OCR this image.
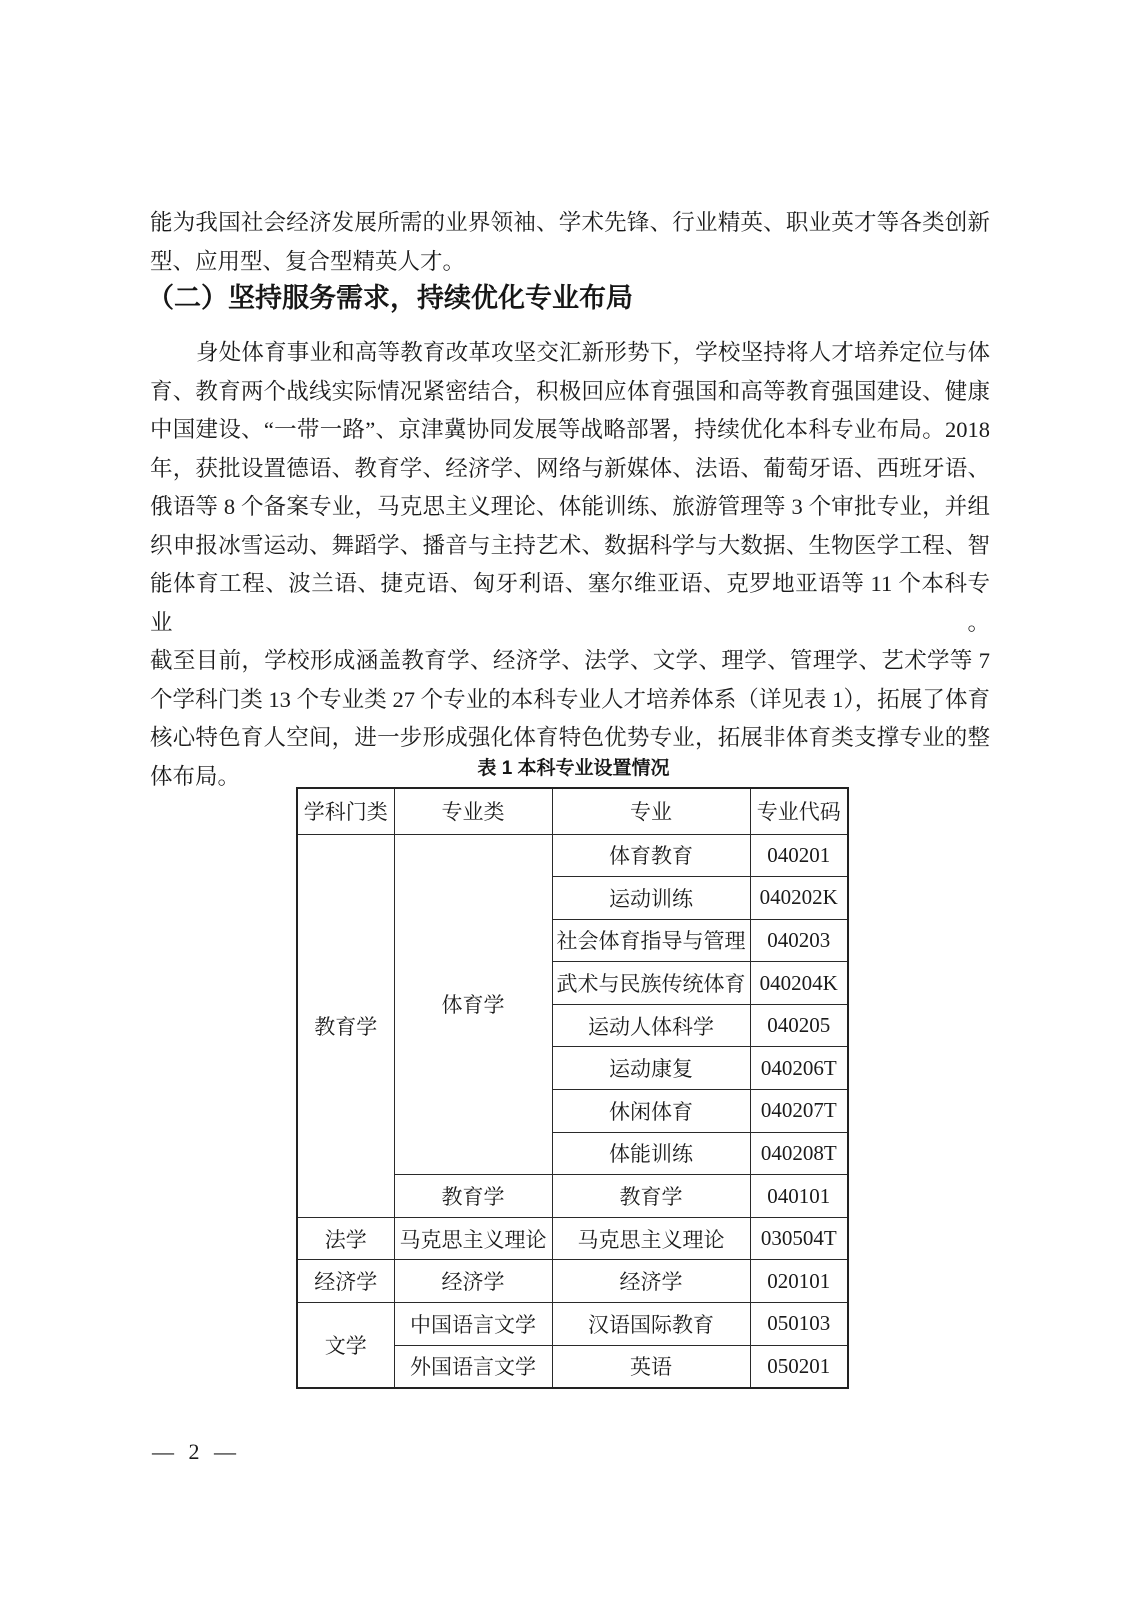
能为我国社会经济发展所需的业界领袖、学术先锋、行业精英、职业英才等各类创新
型、应用型、复合型精英人才。
（二）坚持服务需求，持续优化专业布局
身处体育事业和高等教育改革攻坚交汇新形势下，学校坚持将人才培养定位与体
育、教育两个战线实际情况紧密结合，积极回应体育强国和高等教育强国建设、健康
中国建设、“一带一路”、京津冀协同发展等战略部署，持续优化本科专业布局。2018
年，获批设置德语、教育学、经济学、网络与新媒体、法语、葡萄牙语、西班牙语、
俄语等 8 个备案专业，马克思主义理论、体能训练、旅游管理等 3 个审批专业，并组
织申报冰雪运动、舞蹈学、播音与主持艺术、数据科学与大数据、生物医学工程、智
能体育工程、波兰语、捷克语、匈牙利语、塞尔维亚语、克罗地亚语等 11 个本科专业。
截至目前，学校形成涵盖教育学、经济学、法学、文学、理学、管理学、艺术学等 7
个学科门类 13 个专业类 27 个专业的本科专业人才培养体系（详见表 1），拓展了体育
核心特色育人空间，进一步形成强化体育特色优势专业，拓展非体育类支撑专业的整
体布局。	表 1 本科专业设置情况
学科门类	专业类	专业	专业代码
教育学	体育学	体育教育	040201
		运动训练	040202K
		社会体育指导与管理	040203
		武术与民族传统体育	040204K
		运动人体科学	040205
		运动康复	040206T
		休闲体育	040207T
		体能训练	040208T
	教育学	教育学	040101
法学	马克思主义理论	马克思主义理论	030504T
经济学	经济学	经济学	020101
文学	中国语言文学	汉语国际教育	050103
	外国语言文学	英语	050201
— 2 —
